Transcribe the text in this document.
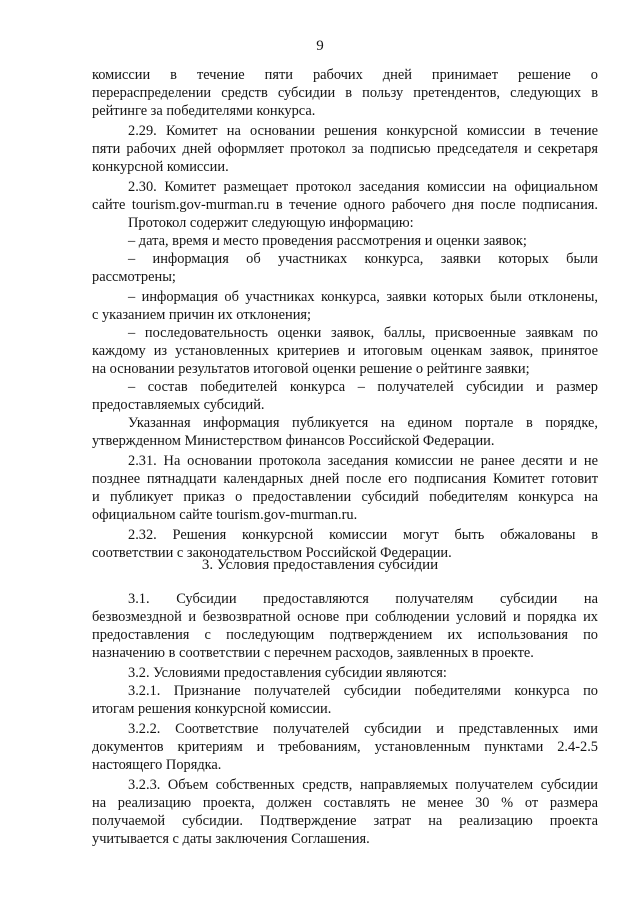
9
3. Условия предоставления субсидии
комиссии в течение пяти рабочих дней принимает решение о
перераспределении средств субсидии в пользу претендентов, следующих в
рейтинге за победителями конкурса.
2.29. Комитет на основании решения конкурсной комиссии в течение
пяти рабочих дней оформляет протокол за подписью председателя и секретаря
конкурсной комиссии.
2.30. Комитет размещает протокол заседания комиссии на официальном
сайте tourism.gov-murman.ru в течение одного рабочего дня после подписания.
Протокол содержит следующую информацию:
– дата, время и место проведения рассмотрения и оценки заявок;
– информация об участниках конкурса, заявки которых были
рассмотрены;
– информация об участниках конкурса, заявки которых были отклонены,
с указанием причин их отклонения;
– последовательность оценки заявок, баллы, присвоенные заявкам по
каждому из установленных критериев и итоговым оценкам заявок, принятое
на основании результатов итоговой оценки решение о рейтинге заявки;
– состав победителей конкурса – получателей субсидии и размер
предоставляемых субсидий.
Указанная информация публикуется на едином портале в порядке,
утвержденном Министерством финансов Российской Федерации.
2.31. На основании протокола заседания комиссии не ранее десяти и не
позднее пятнадцати календарных дней после его подписания Комитет готовит
и публикует приказ о предоставлении субсидий победителям конкурса на
официальном сайте tourism.gov-murman.ru.
2.32. Решения конкурсной комиссии могут быть обжалованы в
соответствии с законодательством Российской Федерации.
3.1. Субсидии предоставляются получателям субсидии на
безвозмездной и безвозвратной основе при соблюдении условий и порядка их
предоставления с последующим подтверждением их использования по
назначению в соответствии с перечнем расходов, заявленных в проекте.
3.2. Условиями предоставления субсидии являются:
3.2.1. Признание получателей субсидии победителями конкурса по
итогам решения конкурсной комиссии.
3.2.2. Соответствие получателей субсидии и представленных ими
документов критериям и требованиям, установленным пунктами 2.4-2.5
настоящего Порядка.
3.2.3. Объем собственных средств, направляемых получателем субсидии
на реализацию проекта, должен составлять не менее 30 % от размера
получаемой субсидии. Подтверждение затрат на реализацию проекта
учитывается с даты заключения Соглашения.
